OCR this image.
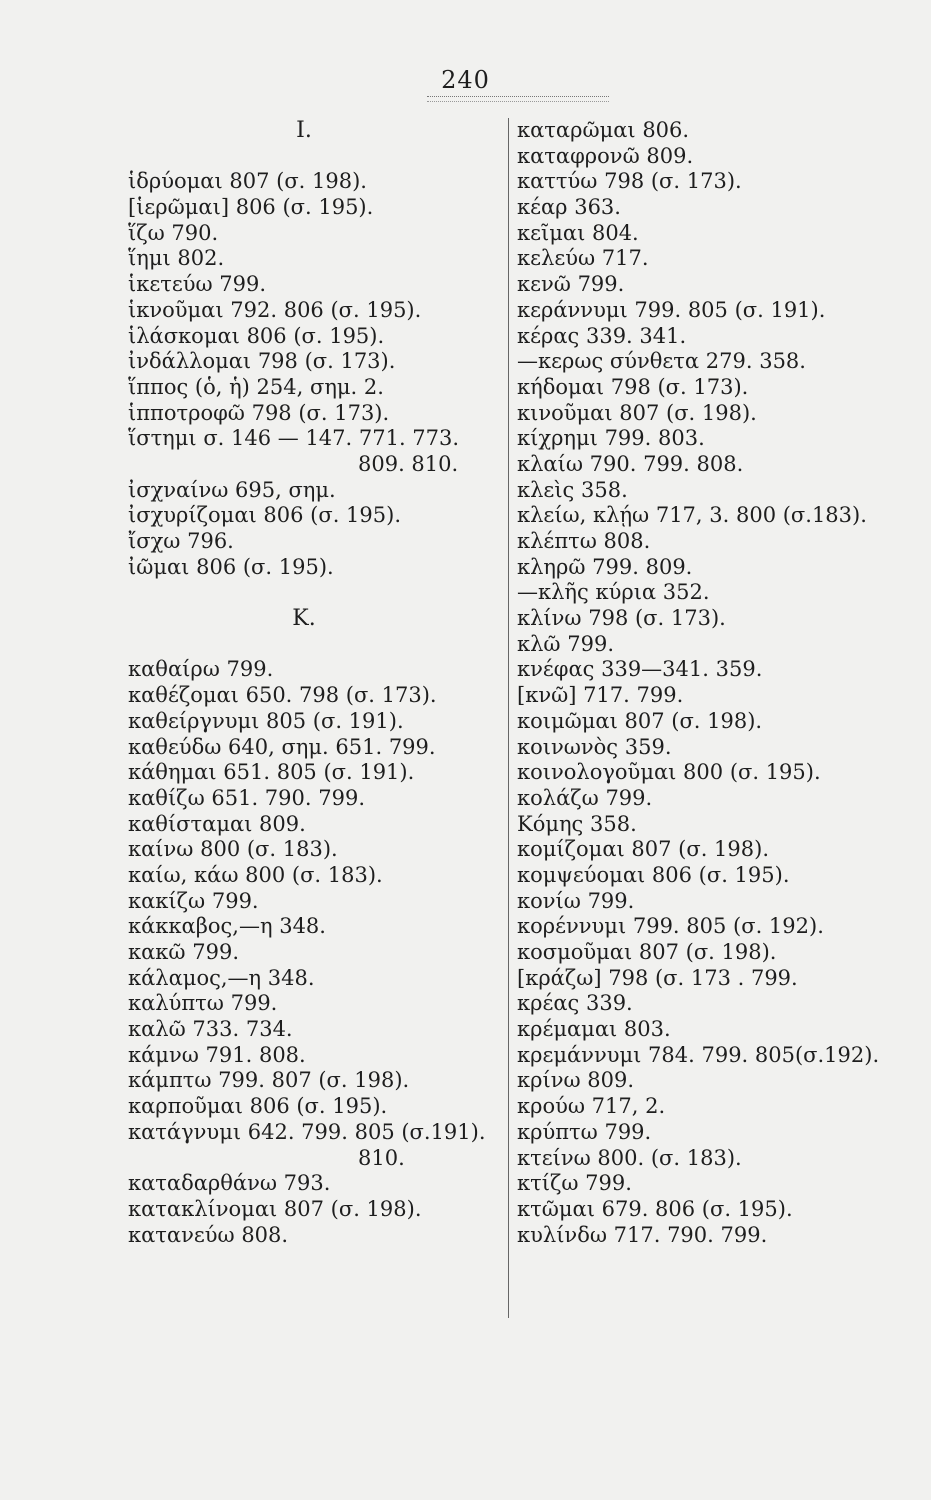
240
I.
ἱδρύομαι 807 (σ. 198).
[ἱερῶμαι] 806 (σ. 195).
ἵζω 790.
ἵημι 802.
ἱκετεύω 799.
ἱκνοῦμαι 792. 806 (σ. 195).
ἱλάσκομαι 806 (σ. 195).
ἰνδάλλομαι 798 (σ. 173).
ἵππος (ὁ, ἡ) 254, σημ. 2.
ἱπποτροφῶ 798 (σ. 173).
ἵστημι σ. 146 — 147. 771. 773.
809. 810.
ἰσχναίνω 695, σημ.
ἰσχυρίζομαι 806 (σ. 195).
ἴσχω 796.
ἰῶμαι 806 (σ. 195).
K.
καθαίρω 799.
καθέζομαι 650. 798 (σ. 173).
καθείργνυμι 805 (σ. 191).
καθεύδω 640, σημ. 651. 799.
κάθημαι 651. 805 (σ. 191).
καθίζω 651. 790. 799.
καθίσταμαι 809.
καίνω 800 (σ. 183).
καίω, κάω 800 (σ. 183).
κακίζω 799.
κάκκαβος,—η 348.
κακῶ 799.
κάλαμος,—η 348.
καλύπτω 799.
καλῶ 733. 734.
κάμνω 791. 808.
κάμπτω 799. 807 (σ. 198).
καρποῦμαι 806 (σ. 195).
κατάγνυμι 642. 799. 805 (σ.191).
810.
καταδαρθάνω 793.
κατακλίνομαι 807 (σ. 198).
κατανεύω 808.
καταρῶμαι 806.
καταφρονῶ 809.
καττύω 798 (σ. 173).
κέαρ 363.
κεῖμαι 804.
κελεύω 717.
κενῶ 799.
κεράννυμι 799. 805 (σ. 191).
κέρας 339. 341.
—κερως σύνθετα 279. 358.
κήδομαι 798 (σ. 173).
κινοῦμαι 807 (σ. 198).
κίχρημι 799. 803.
κλαίω 790. 799. 808.
κλεὶς 358.
κλείω, κλῄω 717, 3. 800 (σ.183).
κλέπτω 808.
κληρῶ 799. 809.
—κλῆς κύρια 352.
κλίνω 798 (σ. 173).
κλῶ 799.
κνέφας 339—341. 359.
[κνῶ] 717. 799.
κοιμῶμαι 807 (σ. 198).
κοινωνὸς 359.
κοινολογοῦμαι 800 (σ. 195).
κολάζω 799.
Κόμης 358.
κομίζομαι 807 (σ. 198).
κομψεύομαι 806 (σ. 195).
κονίω 799.
κορέννυμι 799. 805 (σ. 192).
κοσμοῦμαι 807 (σ. 198).
[κράζω] 798 (σ. 173 . 799.
κρέας 339.
κρέμαμαι 803.
κρεμάννυμι 784. 799. 805(σ.192).
κρίνω 809.
κρούω 717, 2.
κρύπτω 799.
κτείνω 800. (σ. 183).
κτίζω 799.
κτῶμαι 679. 806 (σ. 195).
κυλίνδω 717. 790. 799.
